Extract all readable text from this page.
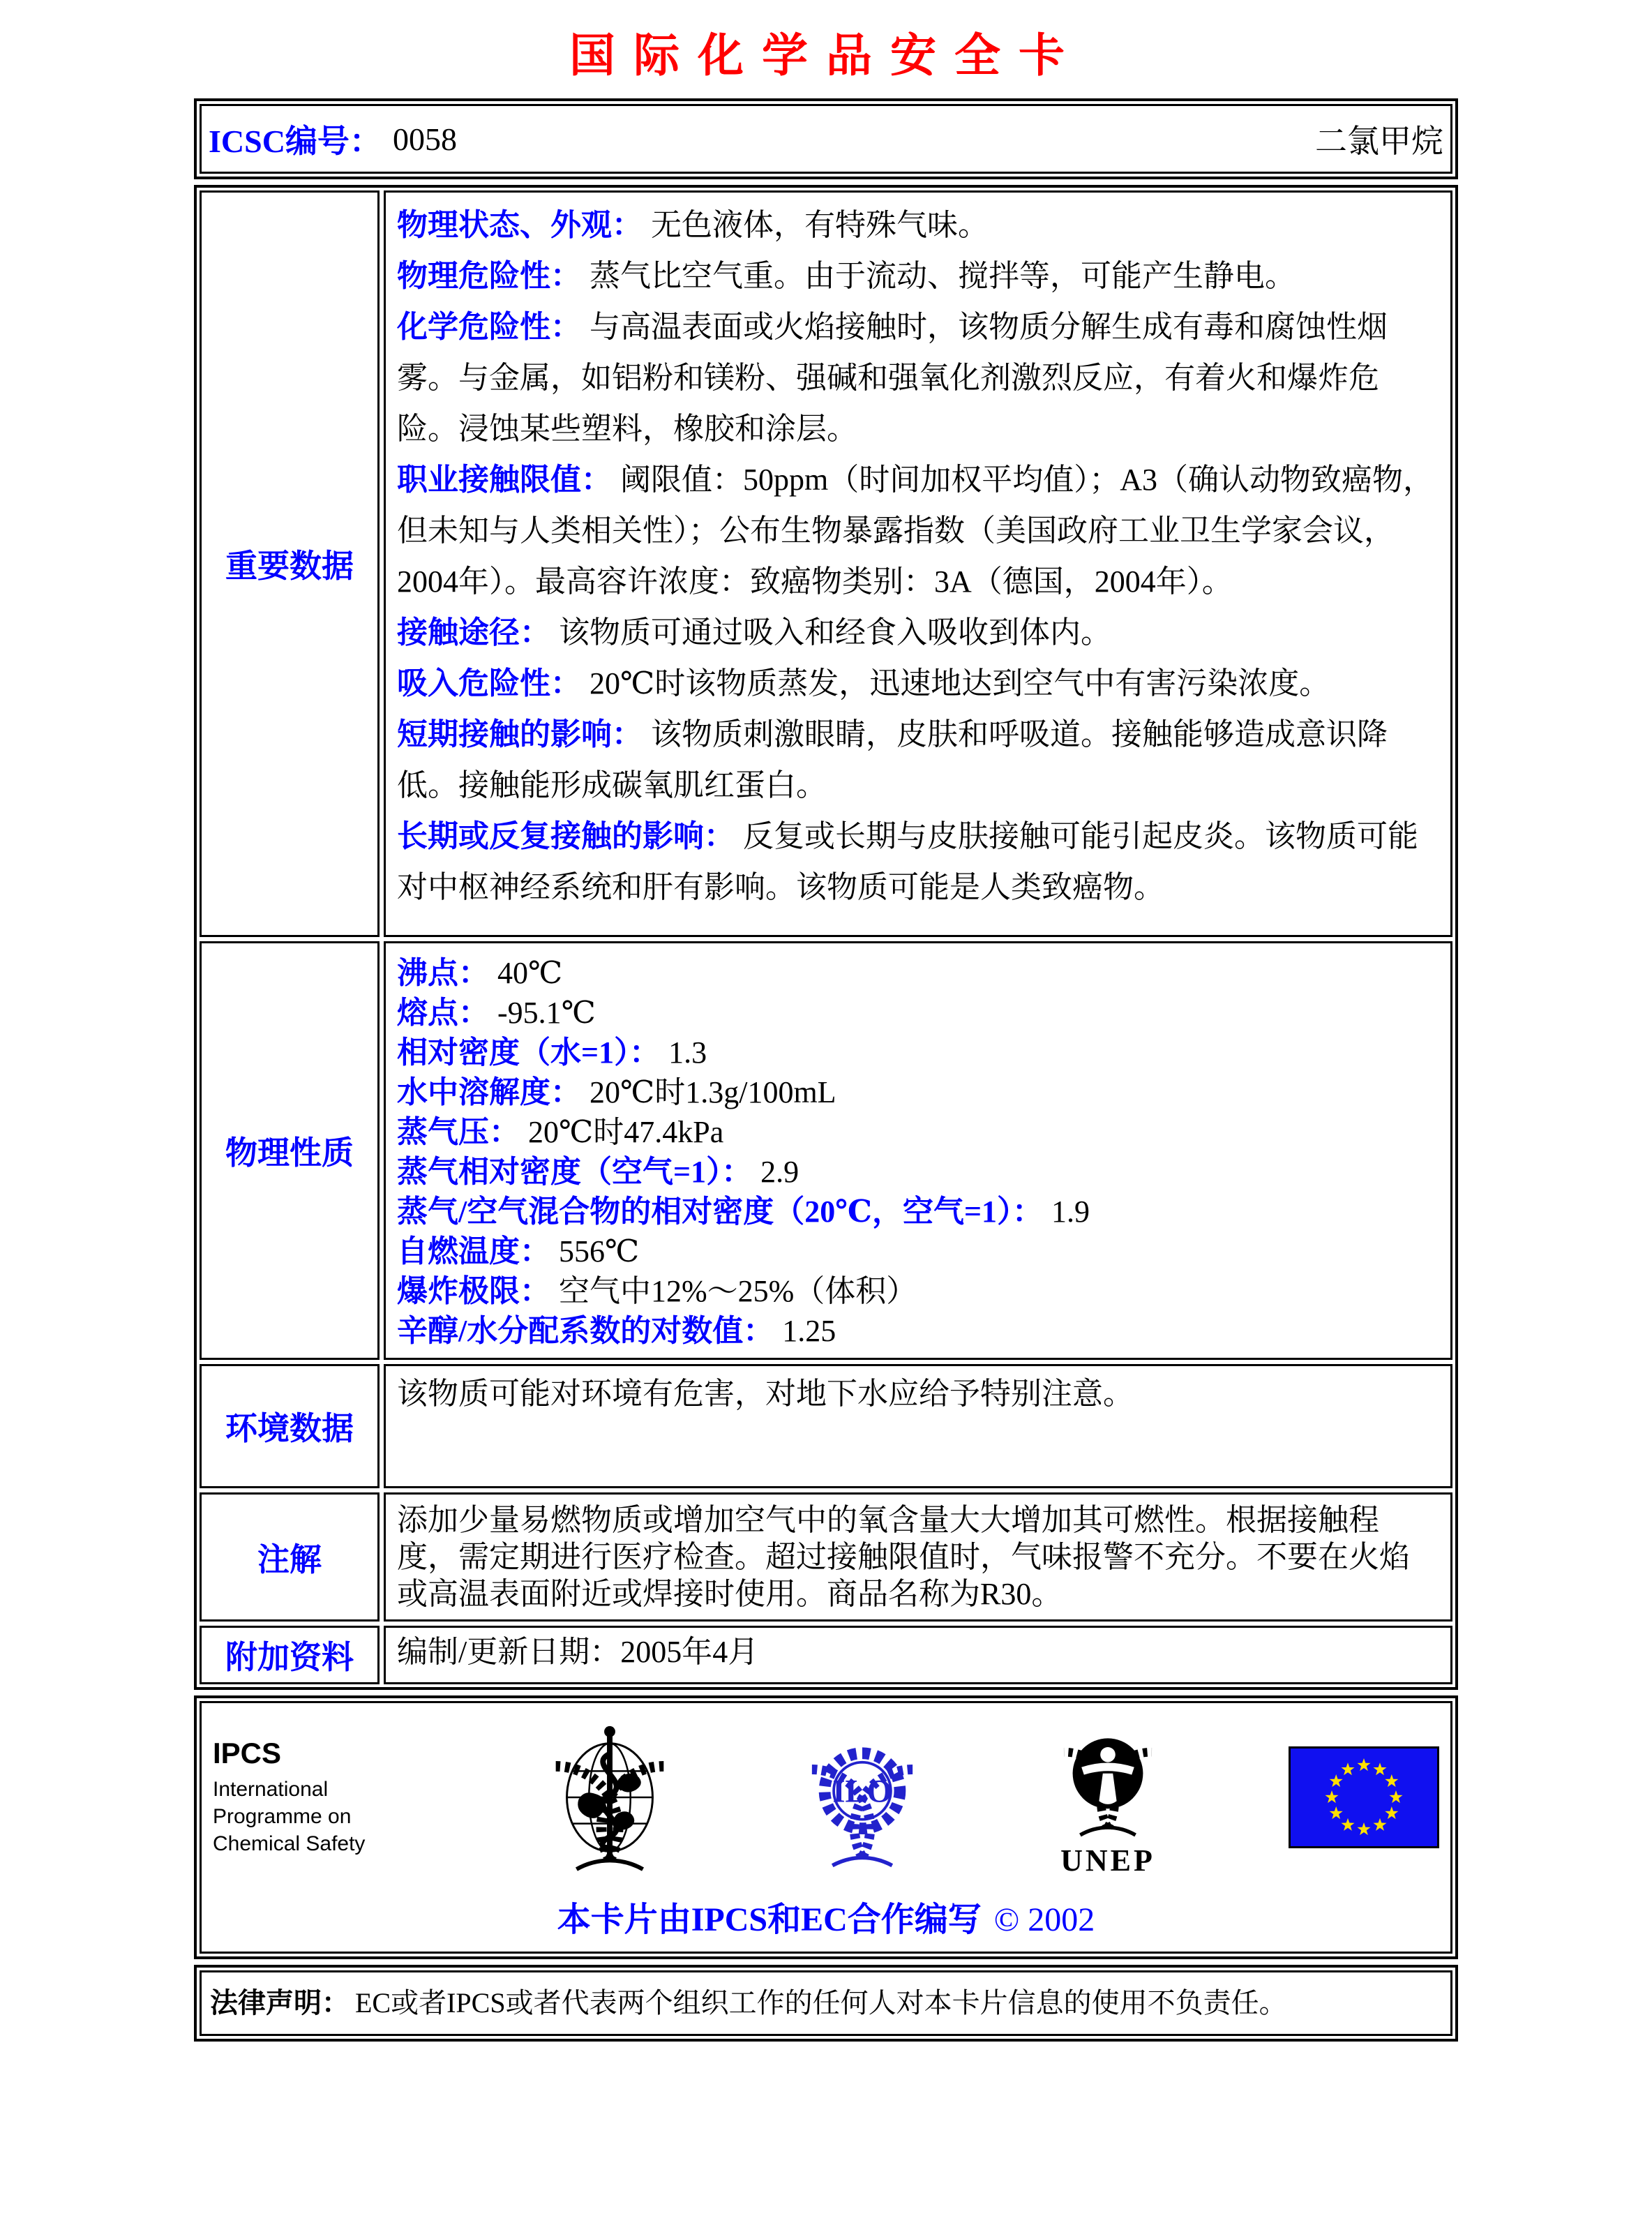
国际化学品安全卡
ICSC编号： 0058	二氯甲烷
重要数据
物理状态、外观： 无色液体，有特殊气味。
物理危险性： 蒸气比空气重。由于流动、搅拌等，可能产生静电。
化学危险性： 与高温表面或火焰接触时，该物质分解生成有毒和腐蚀性烟雾。与金属，如铝粉和镁粉、强碱和强氧化剂激烈反应，有着火和爆炸危险。浸蚀某些塑料，橡胶和涂层。
职业接触限值： 阈限值：50ppm（时间加权平均值）；A3（确认动物致癌物，但未知与人类相关性）；公布生物暴露指数（美国政府工业卫生学家会议，2004年）。最高容许浓度：致癌物类别：3A（德国，2004年）。
接触途径： 该物质可通过吸入和经食入吸收到体内。
吸入危险性： 20℃时该物质蒸发，迅速地达到空气中有害污染浓度。
短期接触的影响： 该物质刺激眼睛，皮肤和呼吸道。接触能够造成意识降低。接触能形成碳氧肌红蛋白。
长期或反复接触的影响： 反复或长期与皮肤接触可能引起皮炎。该物质可能对中枢神经系统和肝有影响。该物质可能是人类致癌物。
物理性质
沸点： 40℃
熔点： -95.1℃
相对密度（水=1）： 1.3
水中溶解度： 20℃时1.3g/100mL
蒸气压： 20℃时47.4kPa
蒸气相对密度（空气=1）： 2.9
蒸气/空气混合物的相对密度（20℃，空气=1）： 1.9
自燃温度： 556℃
爆炸极限： 空气中12%～25%（体积）
辛醇/水分配系数的对数值： 1.25
环境数据
该物质可能对环境有危害，对地下水应给予特别注意。
注解
添加少量易燃物质或增加空气中的氧含量大大增加其可燃性。根据接触程度，需定期进行医疗检查。超过接触限值时，气味报警不充分。不要在火焰或高温表面附近或焊接时使用。商品名称为R30。
附加资料	编制/更新日期：2005年4月
IPCS
International
Programme on
Chemical Safety
ILO
UNEP
本卡片由IPCS和EC合作编写 © 2002
法律声明： EC或者IPCS或者代表两个组织工作的任何人对本卡片信息的使用不负责任。
